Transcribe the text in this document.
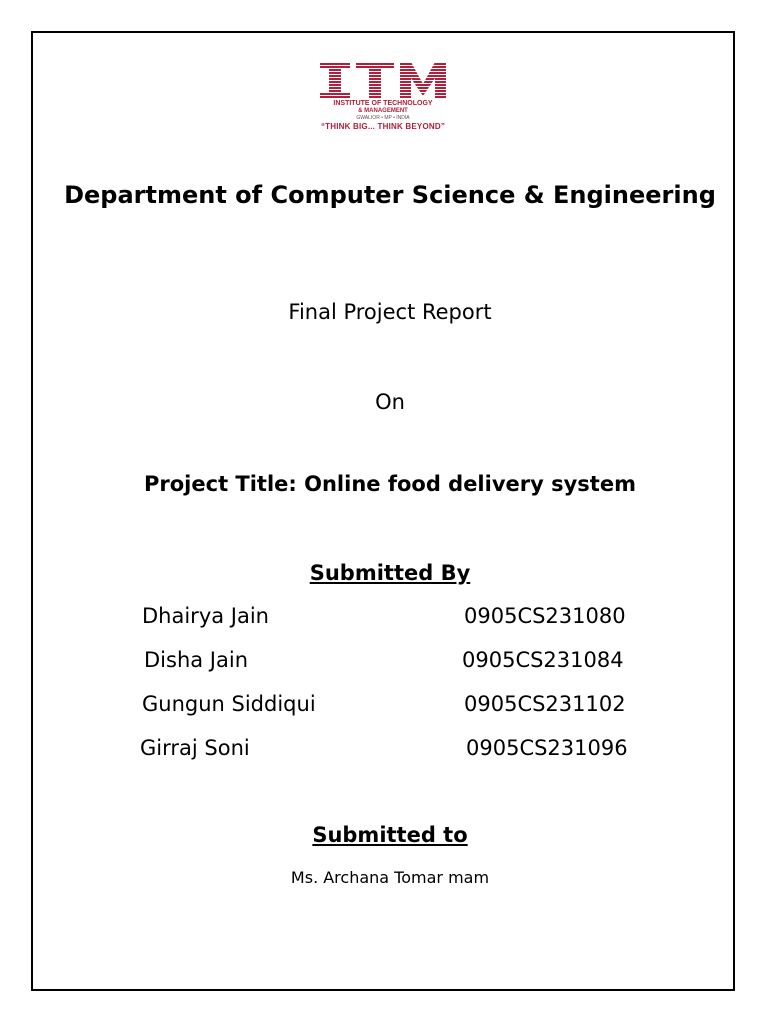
INSTITUTE OF TECHNOLOGY
& MANAGEMENT
GWALIOR • MP • INDIA
“THINK BIG... THINK BEYOND”
Department of Computer Science & Engineering
Final Project Report
On
Project Title: Online food delivery system
Submitted By
Dhairya Jain	0905CS231080
Disha Jain	0905CS231084
Gungun Siddiqui	0905CS231102
Girraj Soni	0905CS231096
Submitted to
Ms. Archana Tomar mam
